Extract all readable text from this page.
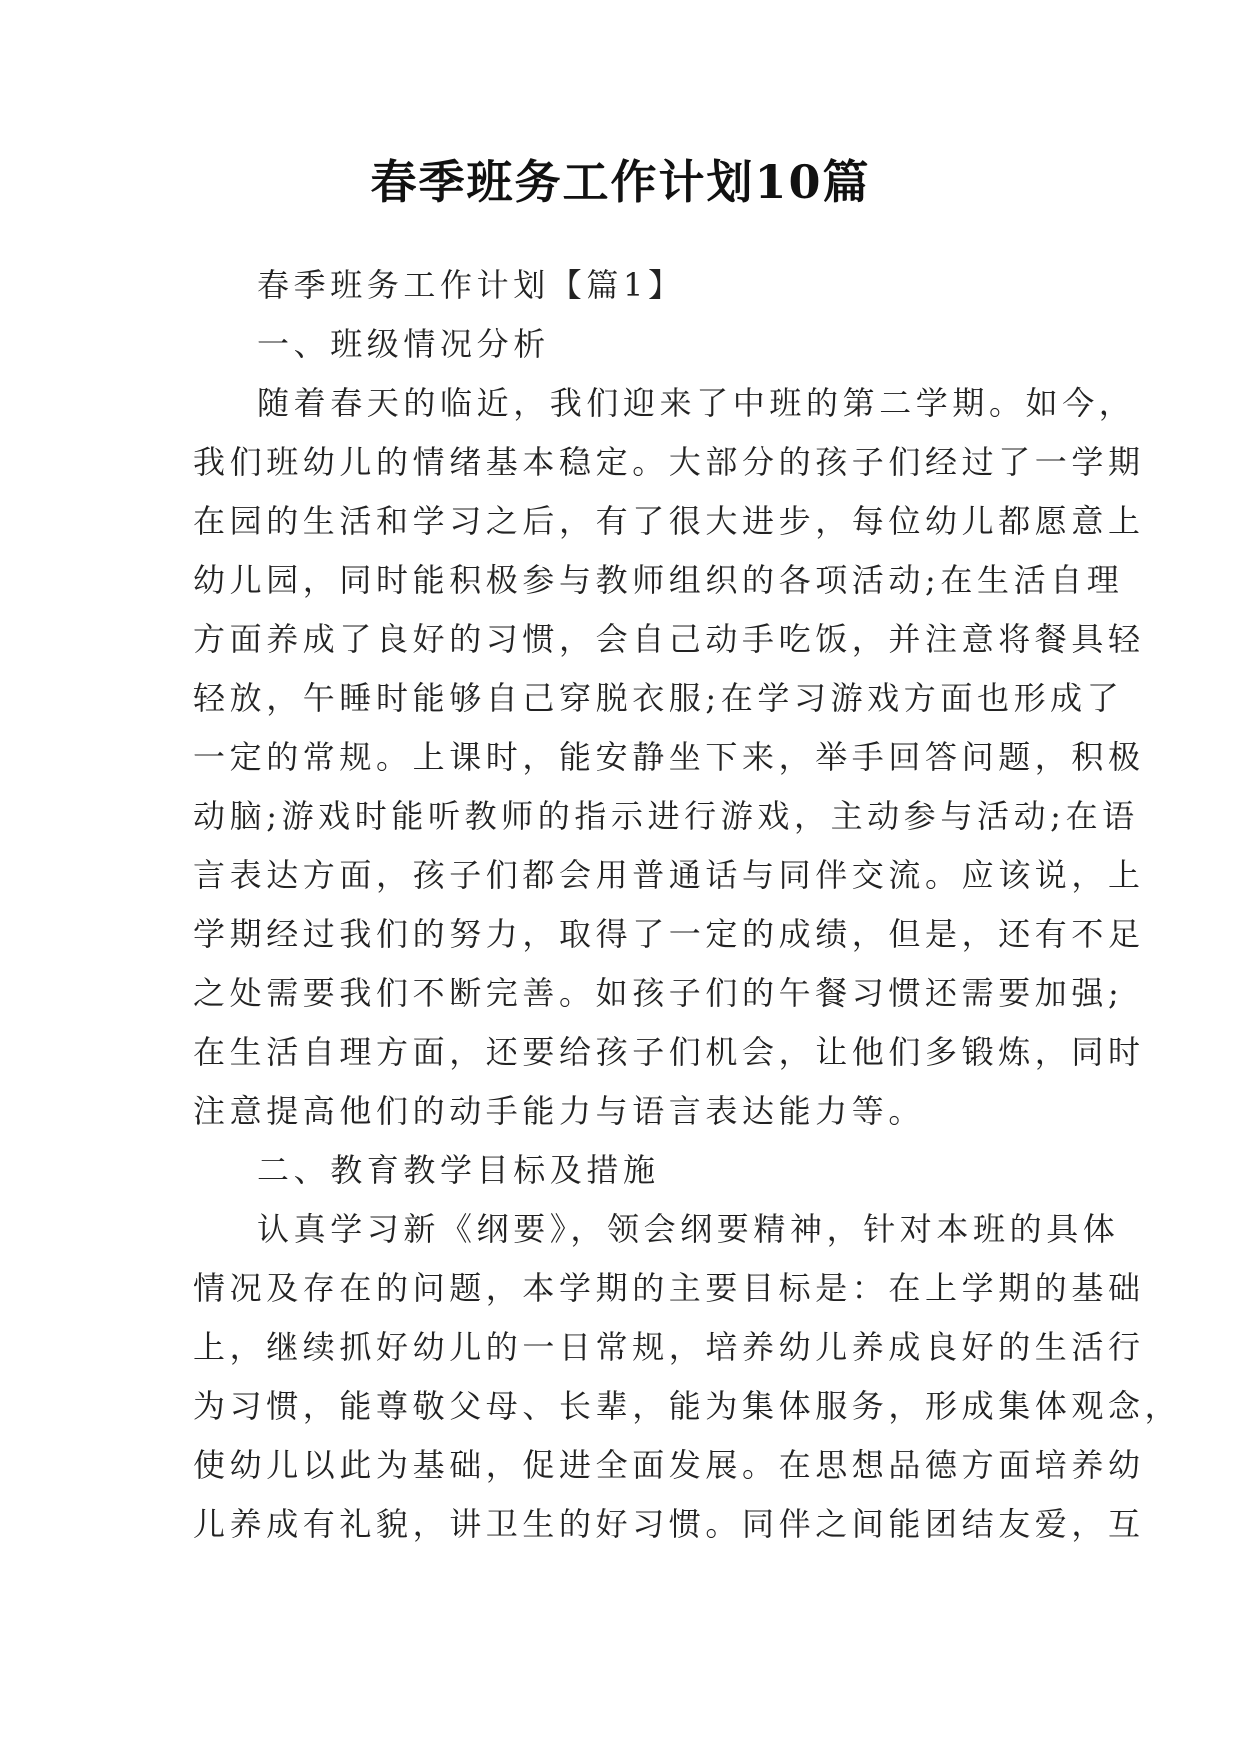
春季班务工作计划10篇
春季班务工作计划【篇1】
一、班级情况分析
随着春天的临近，我们迎来了中班的第二学期。如今，
我们班幼儿的情绪基本稳定。大部分的孩子们经过了一学期
在园的生活和学习之后，有了很大进步，每位幼儿都愿意上
幼儿园，同时能积极参与教师组织的各项活动;在生活自理
方面养成了良好的习惯，会自己动手吃饭，并注意将餐具轻
轻放，午睡时能够自己穿脱衣服;在学习游戏方面也形成了
一定的常规。上课时，能安静坐下来，举手回答问题，积极
动脑;游戏时能听教师的指示进行游戏，主动参与活动;在语
言表达方面，孩子们都会用普通话与同伴交流。应该说，上
学期经过我们的努力，取得了一定的成绩，但是，还有不足
之处需要我们不断完善。如孩子们的午餐习惯还需要加强;
在生活自理方面，还要给孩子们机会，让他们多锻炼，同时
注意提高他们的动手能力与语言表达能力等。
二、教育教学目标及措施
认真学习新《纲要》，领会纲要精神，针对本班的具体
情况及存在的问题，本学期的主要目标是：在上学期的基础
上，继续抓好幼儿的一日常规，培养幼儿养成良好的生活行
为习惯，能尊敬父母、长辈，能为集体服务，形成集体观念，
使幼儿以此为基础，促进全面发展。在思想品德方面培养幼
儿养成有礼貌，讲卫生的好习惯。同伴之间能团结友爱，互
